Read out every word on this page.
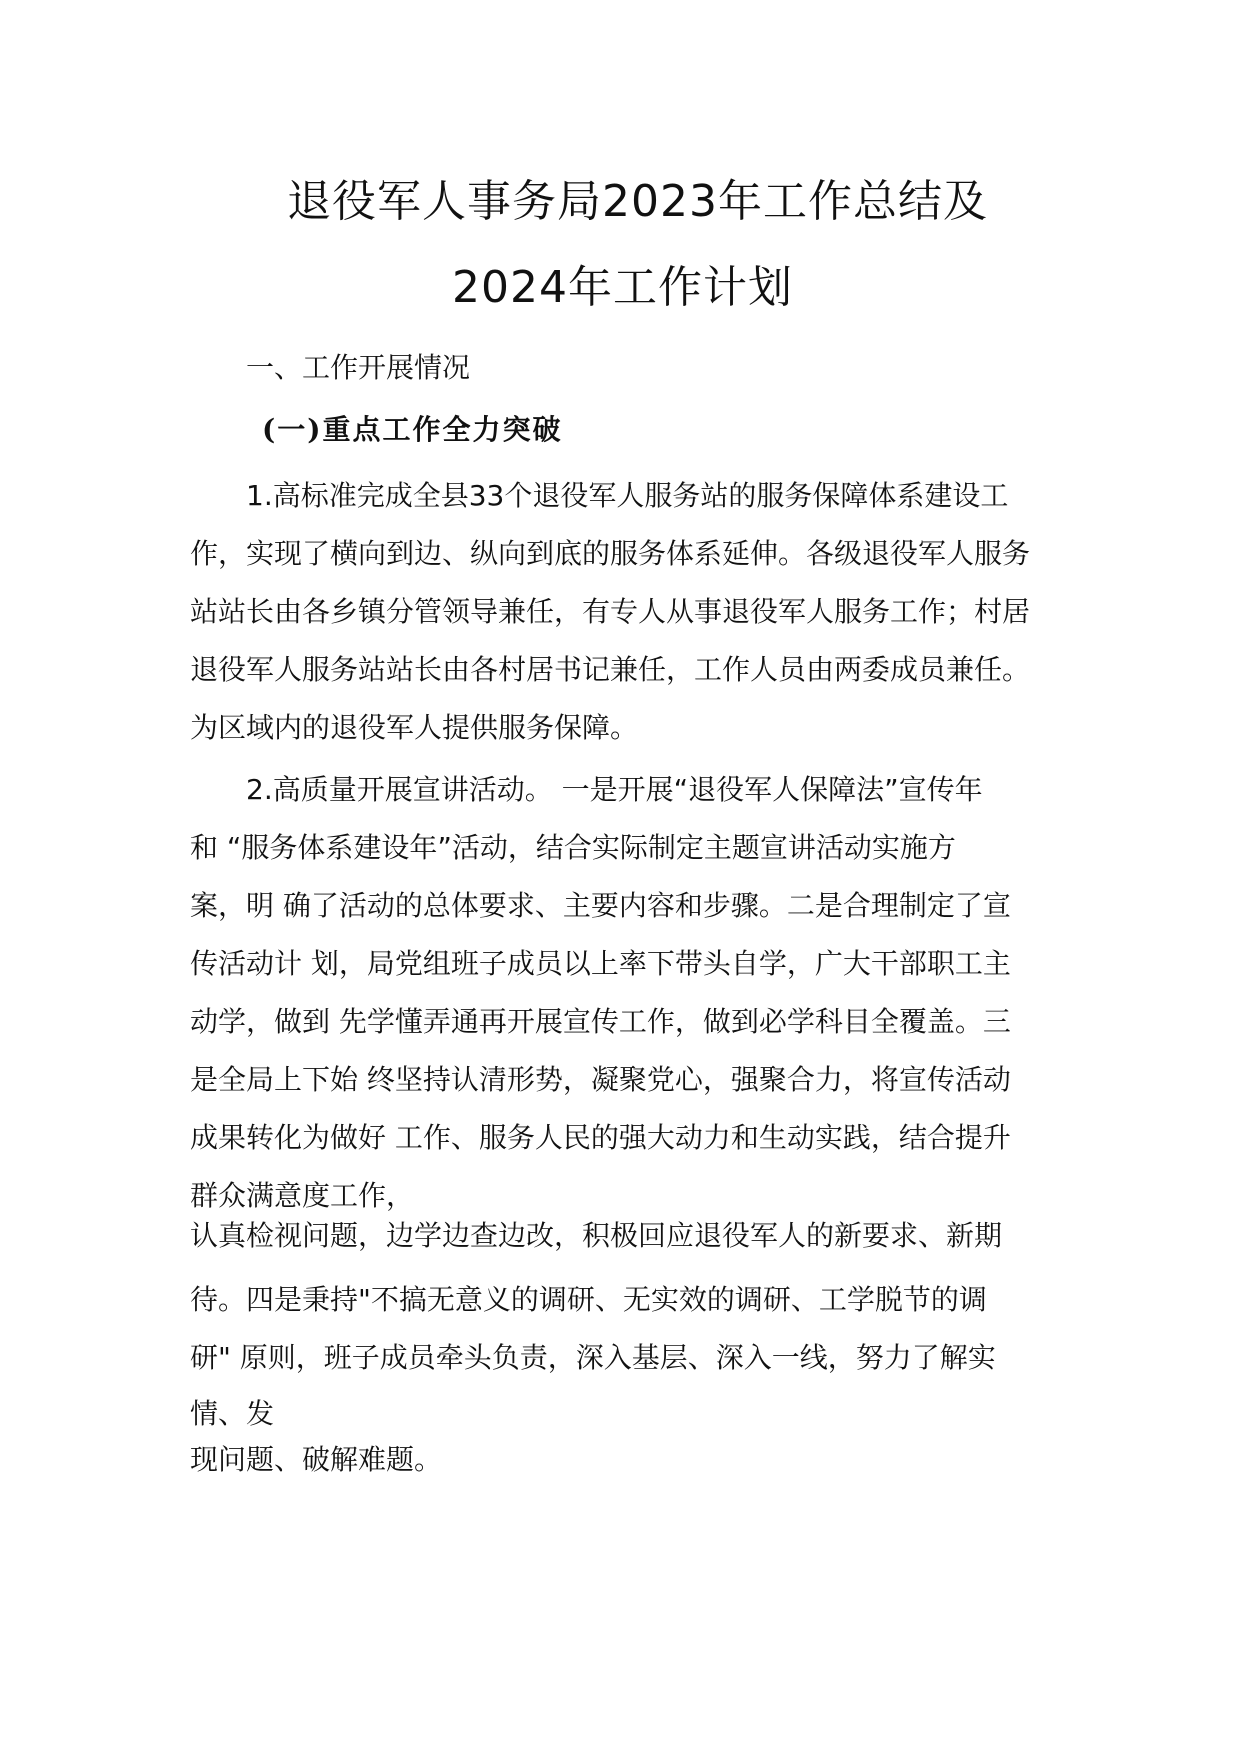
退役军人事务局2023年工作总结及
2024年工作计划
一、工作开展情况
(一)重点工作全力突破
1.高标准完成全县33个退役军人服务站的服务保障体系建设工
作，实现了横向到边、纵向到底的服务体系延伸。各级退役军人服务
站站长由各乡镇分管领导兼任，有专人从事退役军人服务工作；村居
退役军人服务站站长由各村居书记兼任，工作人员由两委成员兼任。
为区域内的退役军人提供服务保障。
2.高质量开展宣讲活动。 一是开展“退役军人保障法”宣传年
和 “服务体系建设年”活动，结合实际制定主题宣讲活动实施方
案，明 确了活动的总体要求、主要内容和步骤。二是合理制定了宣
传活动计 划，局党组班子成员以上率下带头自学，广大干部职工主
动学，做到 先学懂弄通再开展宣传工作，做到必学科目全覆盖。三
是全局上下始 终坚持认清形势，凝聚党心，强聚合力，将宣传活动
成果转化为做好 工作、服务人民的强大动力和生动实践，结合提升
群众满意度工作，
认真检视问题，边学边查边改，积极回应退役军人的新要求、新期
待。四是秉持"不搞无意义的调研、无实效的调研、工学脱节的调
研" 原则，班子成员牵头负责，深入基层、深入一线，努力了解实
情、发
现问题、破解难题。
